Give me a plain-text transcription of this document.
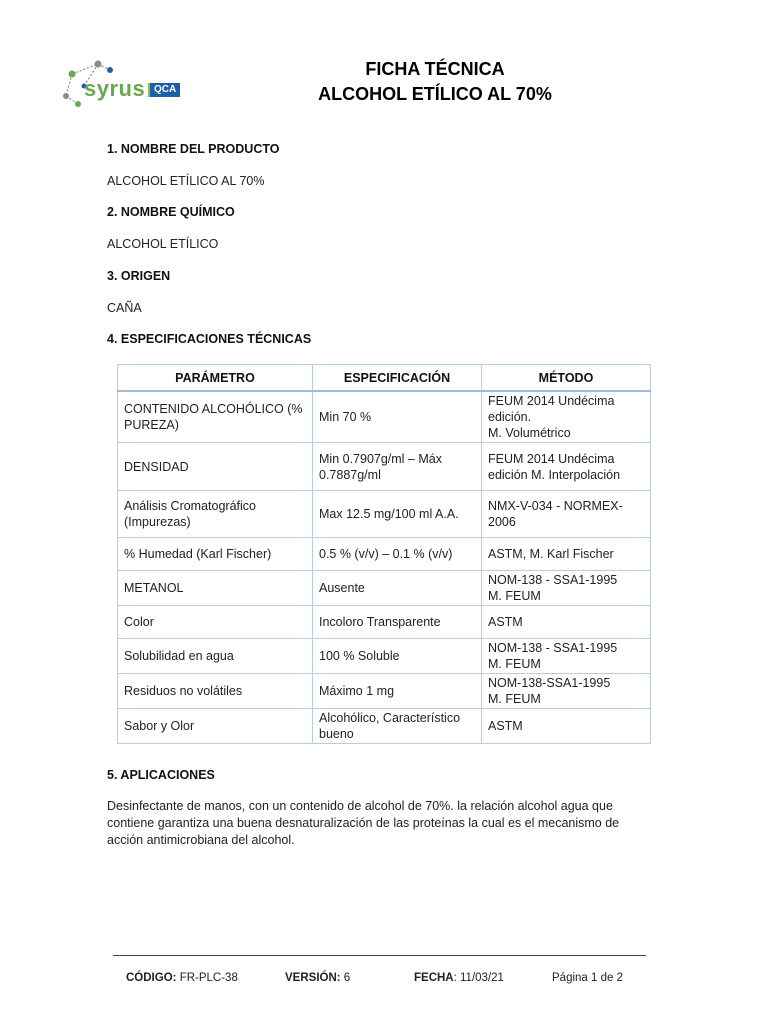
syrus QCA
FICHA TÉCNICA
ALCOHOL ETÍLICO AL 70%
1. NOMBRE DEL PRODUCTO
ALCOHOL ETÍLICO AL 70%
2. NOMBRE QUÍMICO
ALCOHOL ETÍLICO
3. ORIGEN
CAÑA
4. ESPECIFICACIONES TÉCNICAS
PARÁMETRO	ESPECIFICACIÓN	MÉTODO
CONTENIDO ALCOHÓLICO (% PUREZA)	Min 70 %	FEUM 2014 Undécima edición.
M. Volumétrico
DENSIDAD	Min 0.7907g/ml – Máx 0.7887g/ml	FEUM 2014 Undécima edición M. Interpolación
Análisis Cromatográfico (Impurezas)	Max 12.5 mg/100 ml A.A.	NMX-V-034 - NORMEX-2006
% Humedad (Karl Fischer)	0.5 % (v/v) – 0.1 % (v/v)	ASTM, M. Karl Fischer
METANOL	Ausente	NOM-138 - SSA1-1995
M. FEUM
Color	Incoloro Transparente	ASTM
Solubilidad en agua	100 % Soluble	NOM-138 - SSA1-1995
M. FEUM
Residuos no volátiles	Máximo 1 mg	NOM-138-SSA1-1995
M. FEUM
Sabor y Olor	Alcohólico, Característico bueno	ASTM
5. APLICACIONES
Desinfectante de manos, con un contenido de alcohol de 70%. la relación alcohol agua que contiene garantiza una buena desnaturalización de las proteínas la cual es el mecanismo de acción antimicrobiana del alcohol.
CÓDIGO: FR-PLC-38	VERSIÓN: 6	FECHA: 11/03/21	Página 1 de 2
